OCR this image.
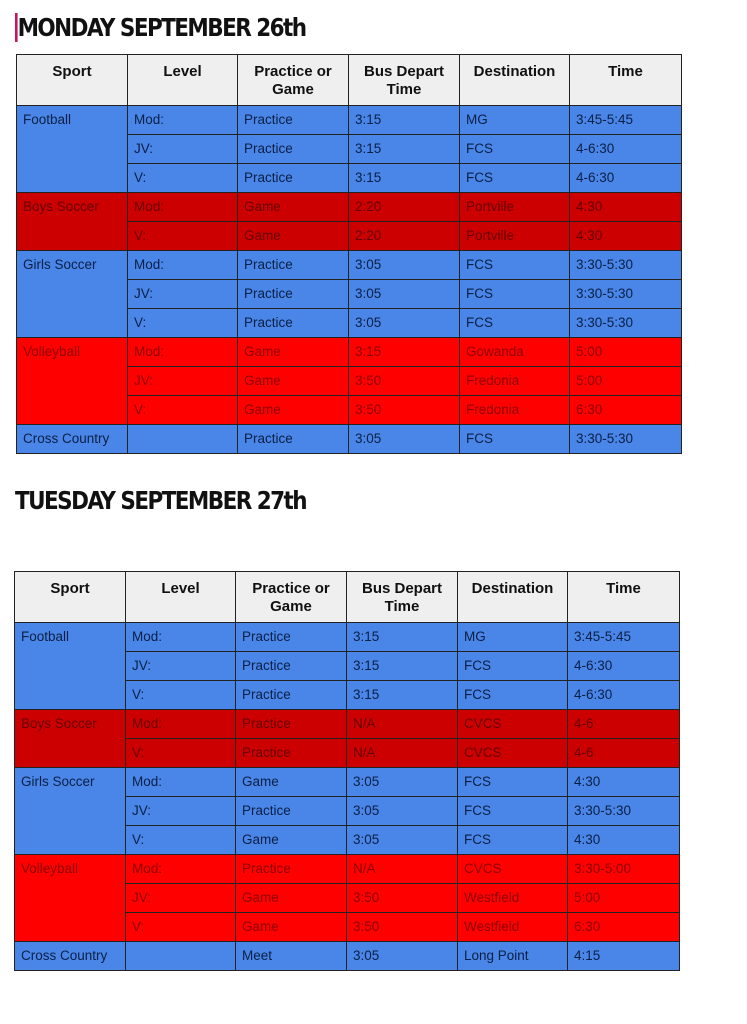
MONDAY SEPTEMBER 26th
Sport	Level	Practice or Game	Bus Depart Time	Destination	Time
Football	Mod:	Practice	3:15	MG	3:45-5:45
	JV:	Practice	3:15	FCS	4-6:30
	V:	Practice	3:15	FCS	4-6:30
Boys Soccer	Mod:	Game	2:20	Portville	4:30
	V:	Game	2:20	Portville	4:30
Girls Soccer	Mod:	Practice	3:05	FCS	3:30-5:30
	JV:	Practice	3:05	FCS	3:30-5:30
	V:	Practice	3:05	FCS	3:30-5:30
Volleyball	Mod:	Game	3:15	Gowanda	5:00
	JV:	Game	3:50	Fredonia	5:00
	V:	Game	3:50	Fredonia	6:30
Cross Country		Practice	3:05	FCS	3:30-5:30
TUESDAY SEPTEMBER 27th
Sport	Level	Practice or Game	Bus Depart Time	Destination	Time
Football	Mod:	Practice	3:15	MG	3:45-5:45
	JV:	Practice	3:15	FCS	4-6:30
	V:	Practice	3:15	FCS	4-6:30
Boys Soccer	Mod:	Practice	N/A	CVCS	4-6
	V:	Practice	N/A	CVCS	4-6
Girls Soccer	Mod:	Game	3:05	FCS	4:30
	JV:	Practice	3:05	FCS	3:30-5:30
	V:	Game	3:05	FCS	4:30
Volleyball	Mod:	Practice	N/A	CVCS	3:30-5:00
	JV:	Game	3:50	Westfield	5:00
	V:	Game	3:50	Westfield	6:30
Cross Country		Meet	3:05	Long Point	4:15
